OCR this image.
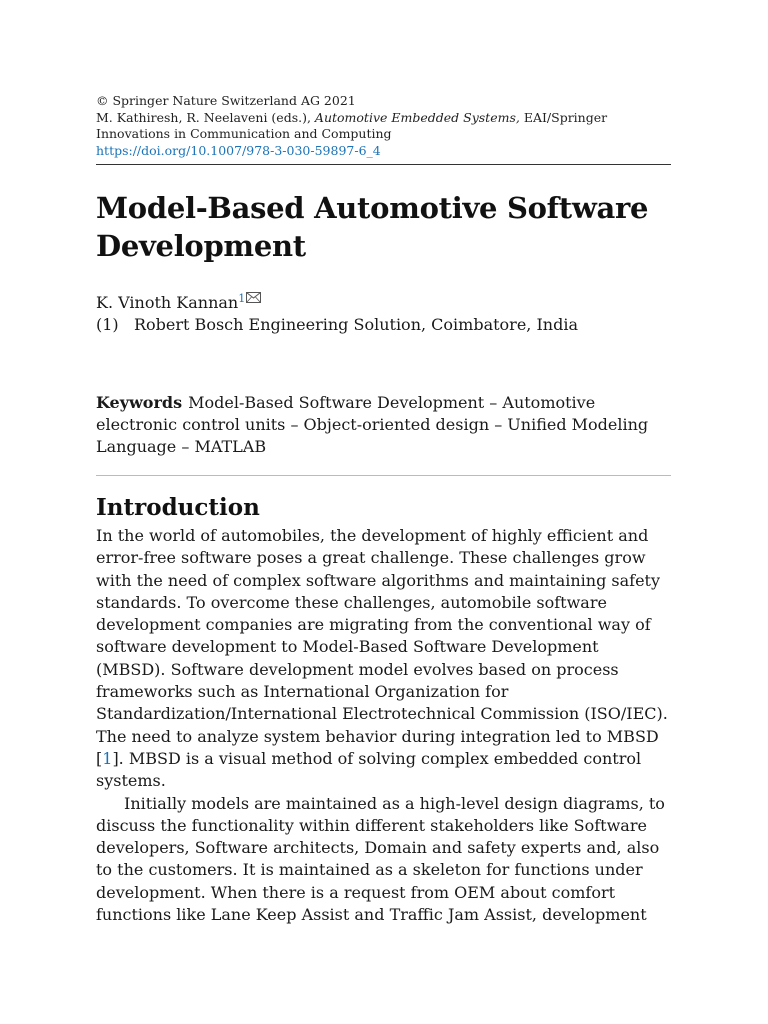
© Springer Nature Switzerland AG 2021
M. Kathiresh, R. Neelaveni (eds.), Automotive Embedded Systems, EAI/Springer Innovations in Communication and Computing
https://doi.org/10.1007/978-3-030-59897-6_4
Model-Based Automotive Software Development
K. Vinoth Kannan$^1$
(1) Robert Bosch Engineering Solution, Coimbatore, India
Keywords Model-Based Software Development – Automotive electronic control units – Object-oriented design – Unified Modeling Language – MATLAB
Introduction

In the world of automobiles, the development of highly efficient and error-free software poses a great challenge. These challenges grow with the need of complex software algorithms and maintaining safety standards. To overcome these challenges, automobile software development companies are migrating from the conventional way of software development to Model-Based Software Development (MBSD). Software development model evolves based on process frameworks such as International Organization for Standardization/International Electrotechnical Commission (ISO/IEC). The need to analyze system behavior during integration led to MBSD [1]. MBSD is a visual method of solving complex embedded control systems.

Initially models are maintained as a high-level design diagrams, to discuss the functionality within different stakeholders like Software developers, Software architects, Domain and safety experts and, also to the customers. It is maintained as a skeleton for functions under development. When there is a request from OEM about comfort functions like Lane Keep Assist and Traffic Jam Assist, development
